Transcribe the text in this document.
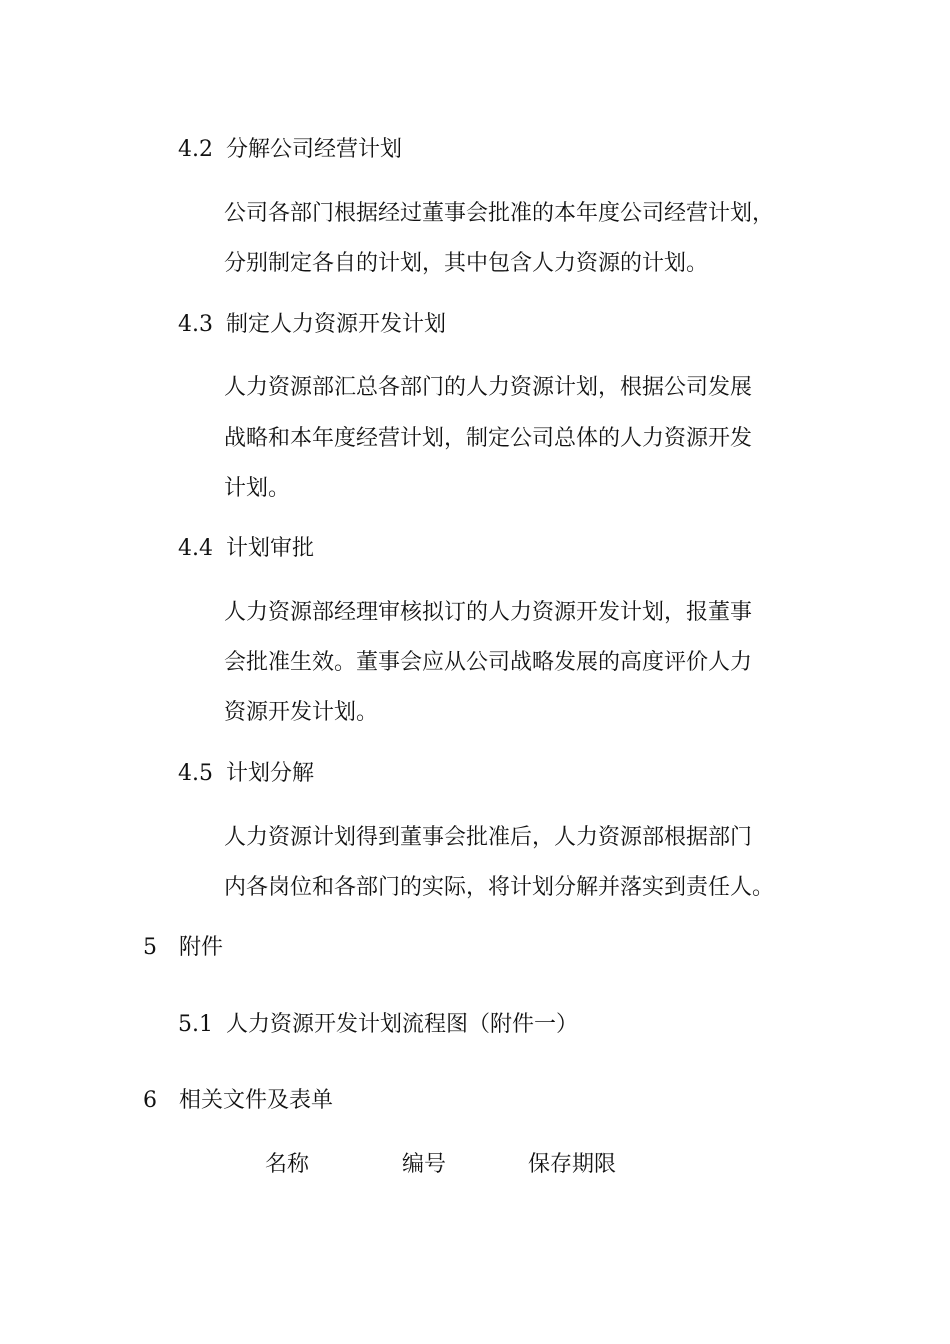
4.2 分解公司经营计划
公司各部门根据经过董事会批准的本年度公司经营计划，
分别制定各自的计划，其中包含人力资源的计划。
4.3 制定人力资源开发计划
人力资源部汇总各部门的人力资源计划，根据公司发展
战略和本年度经营计划，制定公司总体的人力资源开发
计划。
4.4 计划审批
人力资源部经理审核拟订的人力资源开发计划，报董事
会批准生效。董事会应从公司战略发展的高度评价人力
资源开发计划。
4.5 计划分解
人力资源计划得到董事会批准后，人力资源部根据部门
内各岗位和各部门的实际，将计划分解并落实到责任人。
5 附件
5.1 人力资源开发计划流程图（附件一）
6 相关文件及表单
名称	编号	保存期限
